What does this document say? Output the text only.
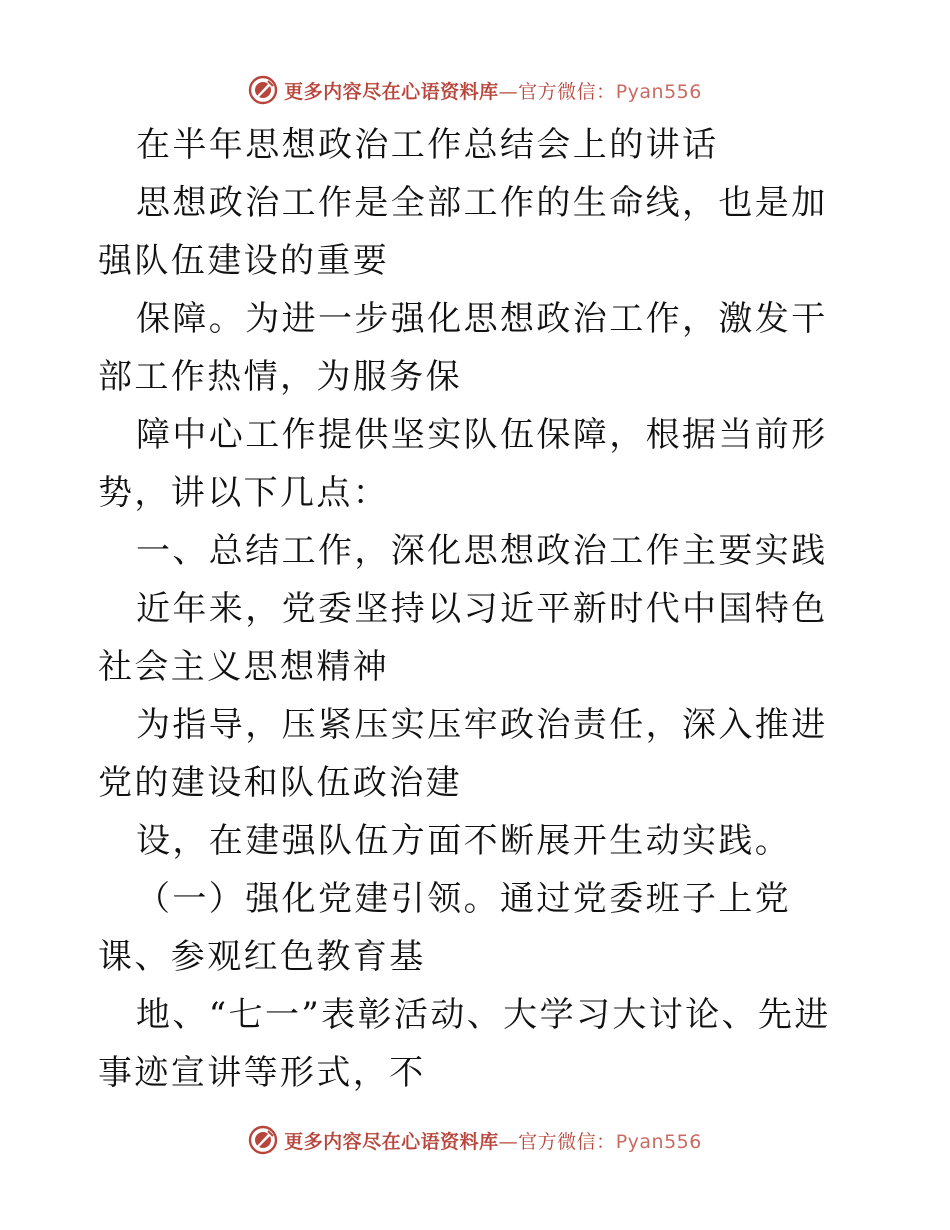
更多内容尽在心语资料库—官方微信：Pyan556

在半年思想政治工作总结会上的讲话

思想政治工作是全部工作的生命线，也是加强队伍建设的重要

保障。为进一步强化思想政治工作，激发干部工作热情，为服务保

障中心工作提供坚实队伍保障，根据当前形势，讲以下几点：

一、总结工作，深化思想政治工作主要实践

近年来，党委坚持以习近平新时代中国特色社会主义思想精神

为指导，压紧压实压牢政治责任，深入推进党的建设和队伍政治建

设，在建强队伍方面不断展开生动实践。

（一）强化党建引领。通过党委班子上党课、参观红色教育基

地、“七一”表彰活动、大学习大讨论、先进事迹宣讲等形式，不

更多内容尽在心语资料库—官方微信：Pyan556
